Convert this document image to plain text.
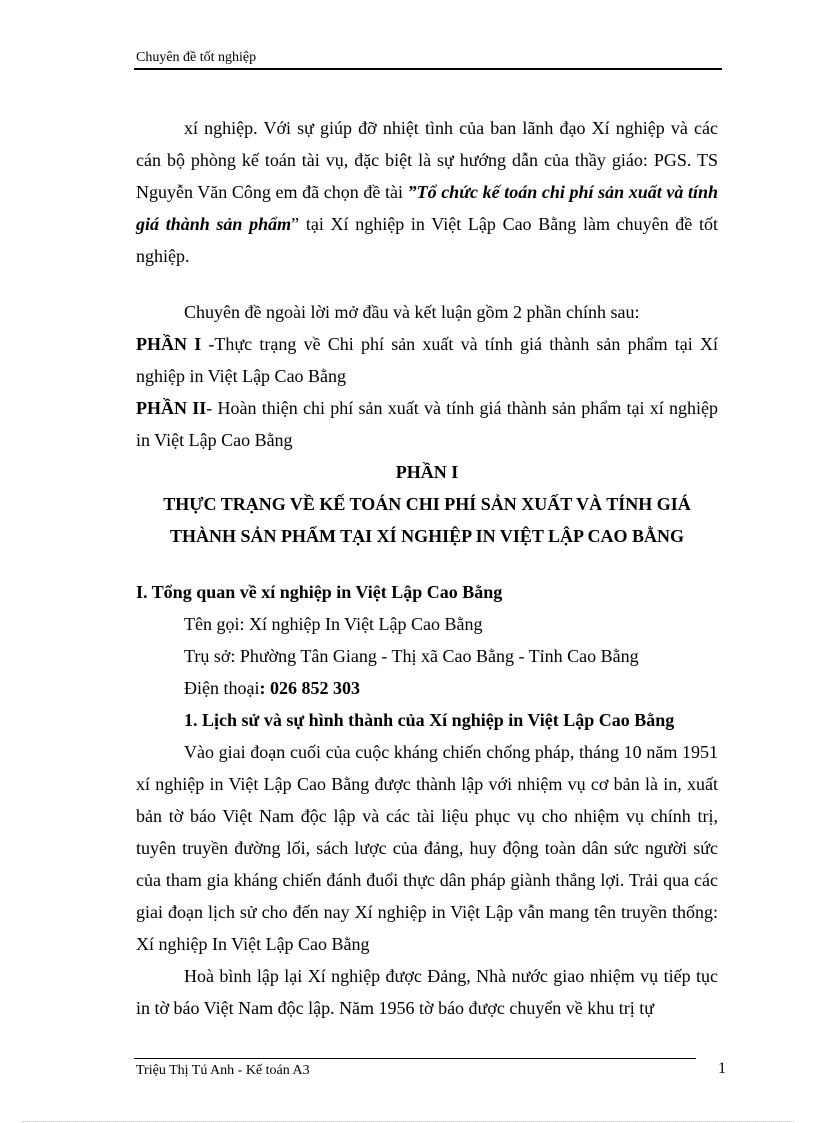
Chuyên đề tốt nghiệp

xí nghiệp. Với sự giúp đỡ nhiệt tình của ban lãnh đạo Xí nghiệp và các cán bộ phòng kế toán tài vụ, đặc biệt là sự hướng dẫn của thầy giáo: PGS. TS Nguyễn Văn Công em đã chọn đề tài ”Tổ chức kế toán chi phí sản xuất và tính giá thành sản phẩm” tại Xí nghiệp in Việt Lập Cao Bằng làm chuyên đề tốt nghiệp.

Chuyên đề ngoài lời mở đầu và kết luận gồm 2 phần chính sau:

PHẦN I -Thực trạng về Chi phí sản xuất và tính giá thành sản phẩm tại Xí nghiệp in Việt Lập Cao Bằng

PHẦN II- Hoàn thiện chi phí sản xuất và tính giá thành sản phẩm tại xí nghiệp in Việt Lập Cao Bằng

PHẦN I

THỰC TRẠNG VỀ KẾ TOÁN CHI PHÍ SẢN XUẤT VÀ TÍNH GIÁ THÀNH SẢN PHẨM TẠI XÍ NGHIỆP IN VIỆT LẬP CAO BẰNG

I. Tổng quan về xí nghiệp in Việt Lập Cao Bằng

Tên gọi: Xí nghiệp In Việt Lập Cao Bằng

Trụ sở: Phường Tân Giang - Thị xã Cao Bằng - Tỉnh Cao Bằng

Điện thoại: 026 852 303

1. Lịch sử và sự hình thành của Xí nghiệp in Việt Lập Cao Bằng

Vào giai đoạn cuối của cuộc kháng chiến chống pháp, tháng 10 năm 1951 xí nghiệp in Việt Lập Cao Bằng được thành lập với nhiệm vụ cơ bản là in, xuất bản tờ báo Việt Nam độc lập và các tài liệu phục vụ cho nhiệm vụ chính trị, tuyên truyền đường lối, sách lược của đảng, huy động toàn dân sức người sức của tham gia kháng chiến đánh đuổi thực dân pháp giành thắng lợi. Trải qua các giai đoạn lịch sử cho đến nay Xí nghiệp in Việt Lập vẫn mang tên truyền thống: Xí nghiệp In Việt Lập Cao Bằng

Hoà bình lập lại Xí nghiệp được Đảng, Nhà nước giao nhiệm vụ tiếp tục in tờ báo Việt Nam độc lập. Năm 1956 tờ báo được chuyển về khu trị tự

Triệu Thị Tú Anh - Kế toán A3	1
